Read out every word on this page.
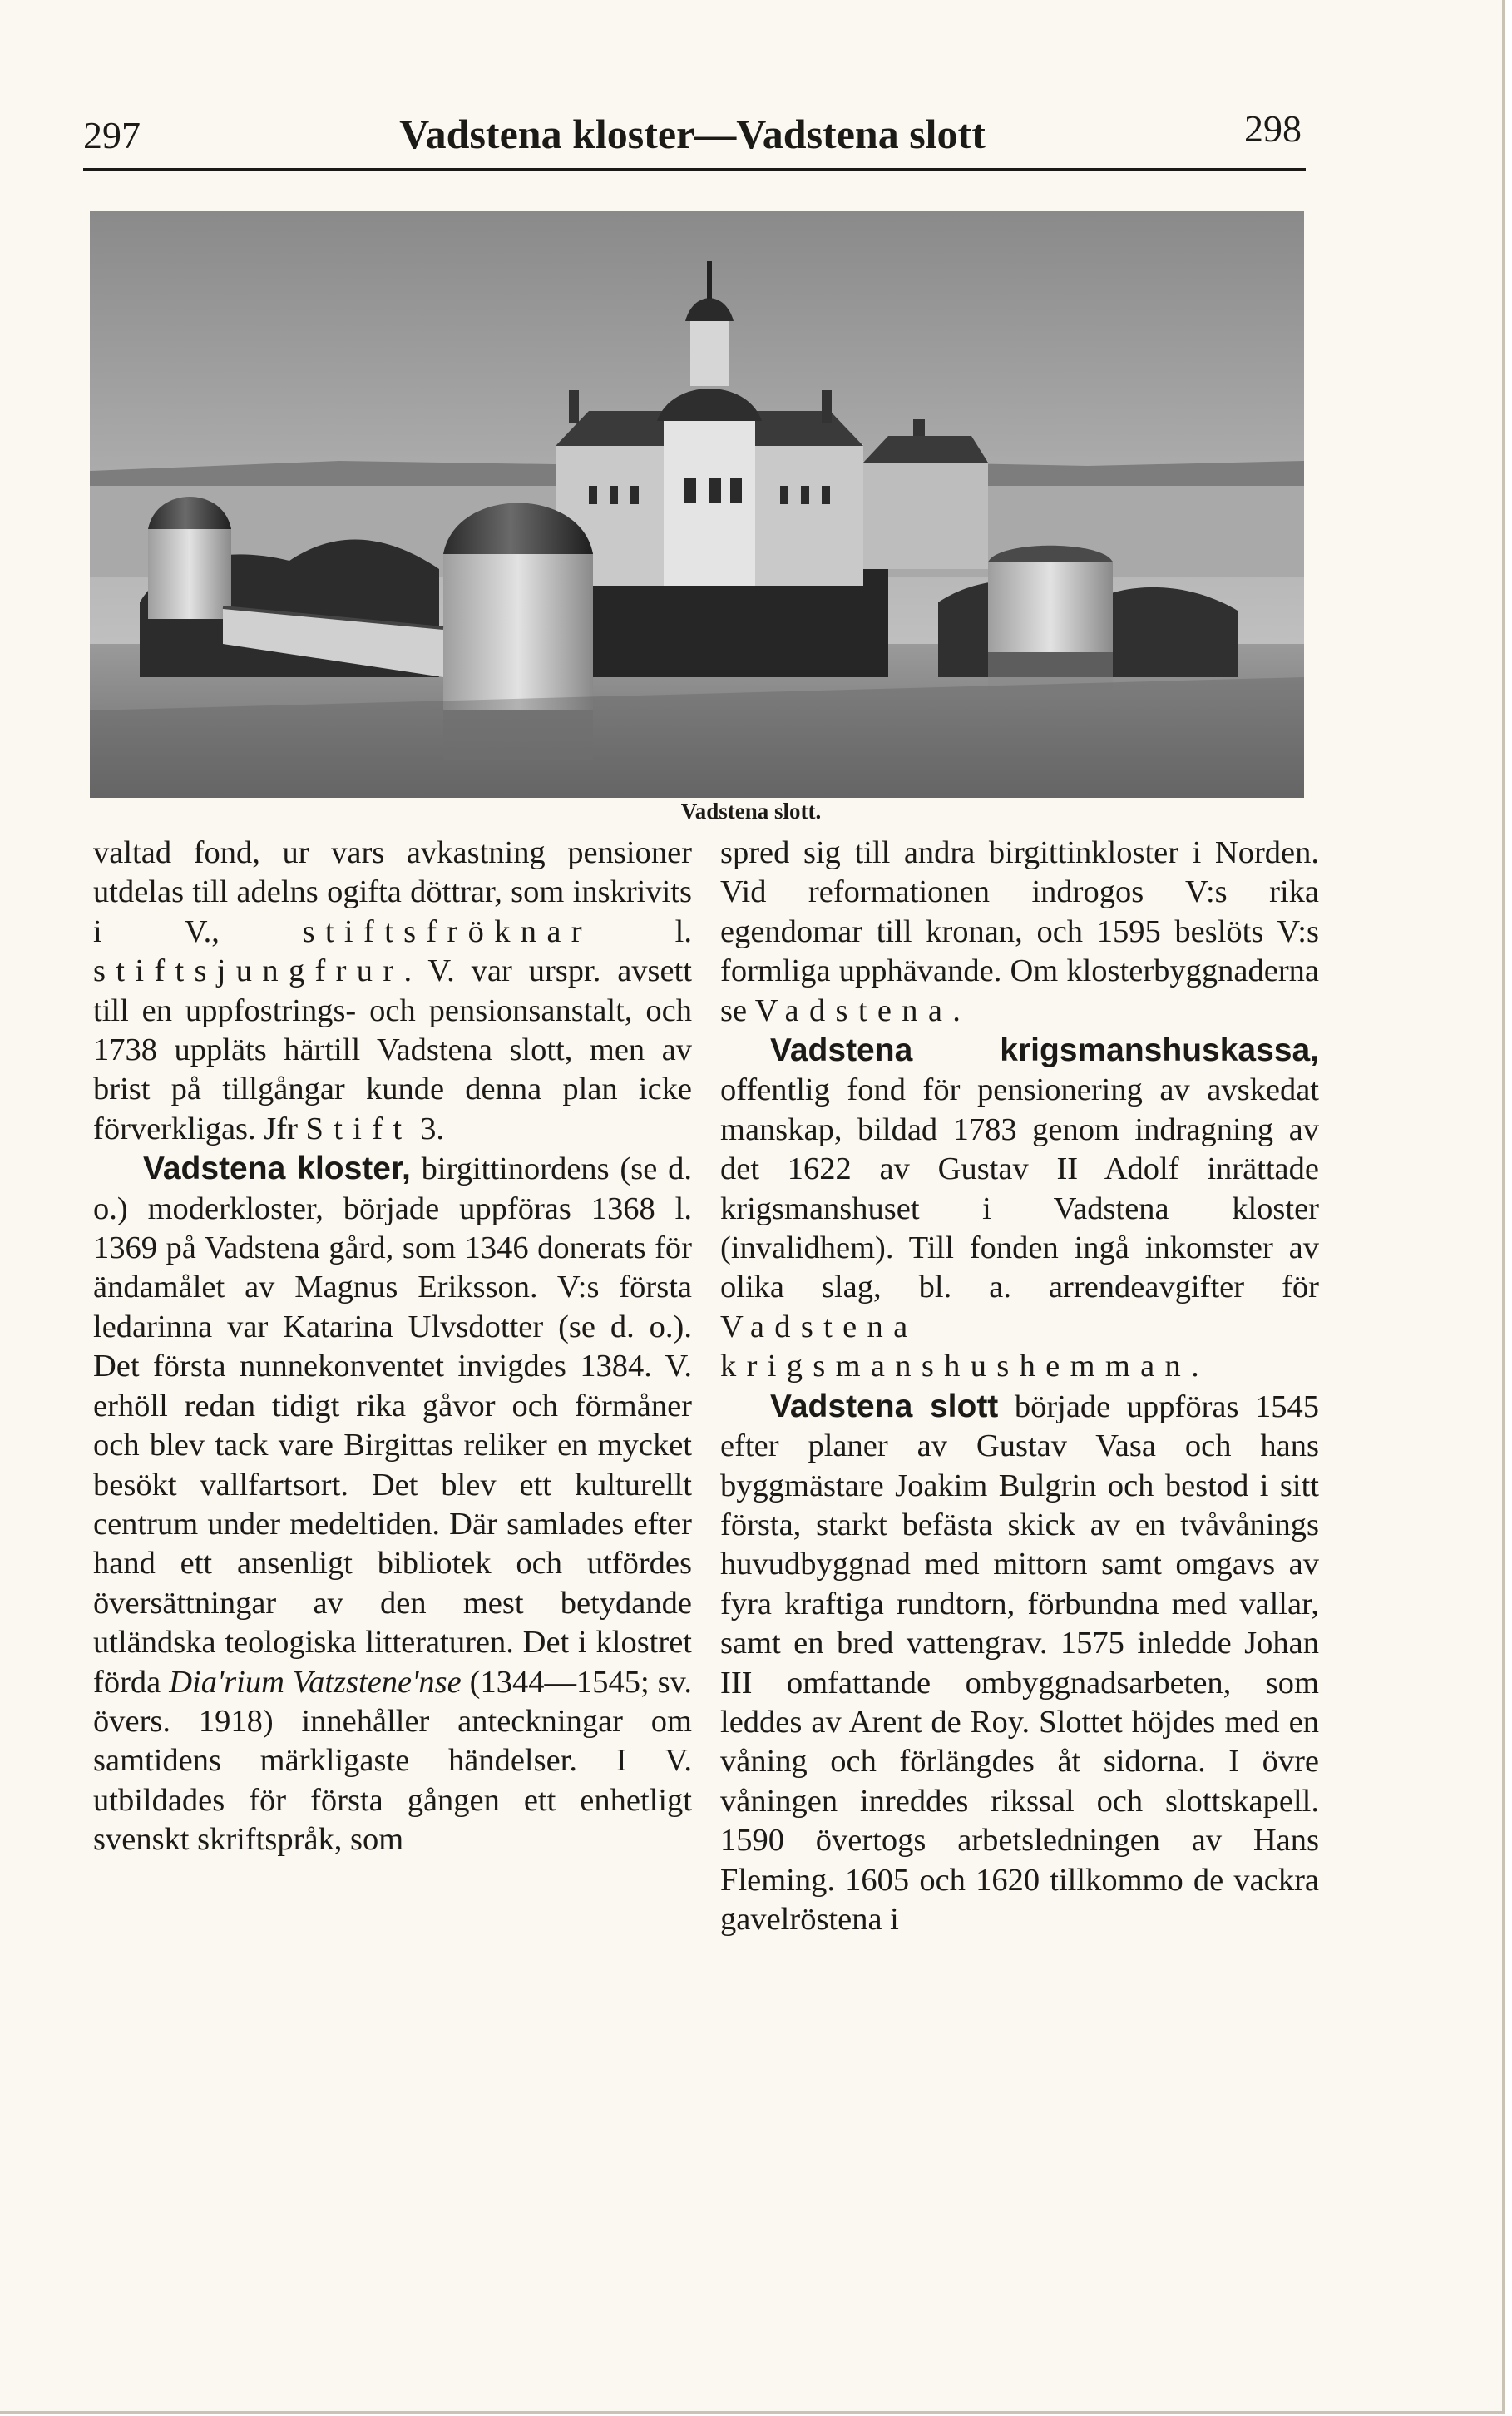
297	Vadstena kloster—Vadstena slott	298
Vadstena slott.

valtad fond, ur vars avkastning pensioner utdelas till adelns ogifta döttrar, som inskrivits i V.,	stiftsfröknar l. stiftsjungfrur. V. var urspr. avsett till en uppfostrings- och pensionsanstalt, och 1738 uppläts härtill Vadstena slott, men av brist på tillgångar kunde denna plan icke förverkligas. Jfr Stift 3.

Vadstena kloster, birgittinordens (se d. o.) moderkloster, började uppföras 1368 l. 1369 på Vadstena gård, som 1346 donerats för ändamålet av Magnus Eriksson. V:s första ledarinna var Katarina Ulvsdotter (se d. o.). Det första nunnekonventet invigdes 1384. V. erhöll redan tidigt rika gåvor och förmåner och blev tack vare Birgittas reliker en mycket besökt vallfartsort. Det blev ett kulturellt centrum under medeltiden. Där samlades efter hand ett ansenligt bibliotek och utfördes översättningar av den mest betydande utländska teologiska litteraturen. Det i klostret förda Dia'rium Vatzstene'nse (1344—1545; sv. övers. 1918) innehåller anteckningar om samtidens märkligaste händelser. I V. utbildades för första gången ett enhetligt svenskt skriftspråk, som

spred sig till andra birgittinkloster i Norden. Vid reformationen indrogos V:s rika egendomar till kronan, och 1595 beslöts V:s formliga upphävande. Om klosterbyggnaderna se Vadstena.

Vadstena krigsmanshuskassa, offentlig fond för pensionering av avskedat manskap, bildad 1783 genom indragning av det 1622 av Gustav II Adolf inrättade krigsmanshuset i Vadstena kloster (invalidhem). Till fonden ingå inkomster av olika slag, bl. a. arrendeavgifter för Vadstena krigsmanshushemman.

Vadstena slott började uppföras 1545 efter planer av Gustav Vasa och hans byggmästare Joakim Bulgrin och bestod i sitt första, starkt befästa skick av en tvåvånings huvudbyggnad med mittorn samt omgavs av fyra kraftiga rundtorn, förbundna med vallar, samt en bred vattengrav. 1575 inledde Johan III omfattande ombyggnadsarbeten, som leddes av Arent de Roy. Slottet höjdes med en våning och förlängdes åt sidorna. I övre våningen inreddes rikssal och slottskapell. 1590 övertogs arbetsledningen av Hans Fleming. 1605 och 1620 tillkommo de vackra gavelröstena i
